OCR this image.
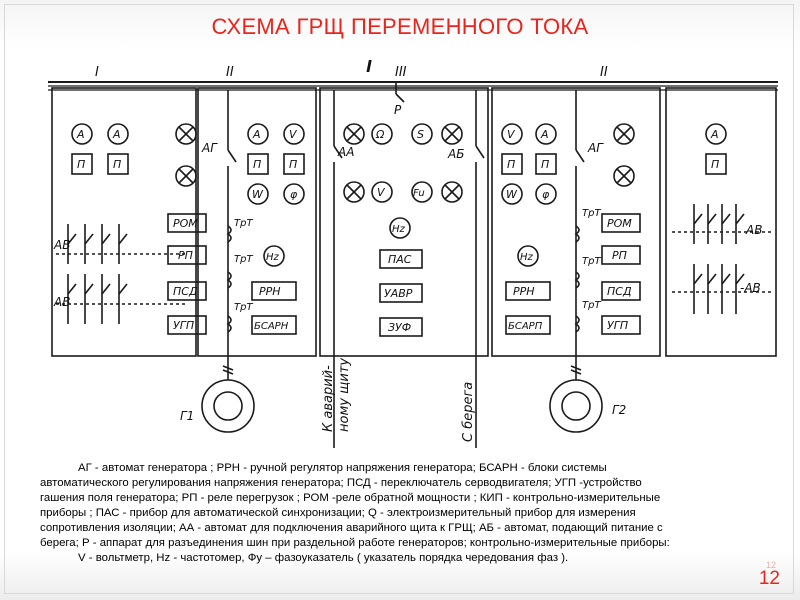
СХЕМА ГРЩ ПЕРЕМЕННОГО ТОКА
I	II	III	II
l
P
A	A
П	П
АВ
АВ
A	V
П	П
W φ
АГ
ТрТ
ТрТ
ТрТ
РОМ
РП
ПСД
УГП
РРН
БСАРН
Hz
Ω	S
V	Fu
Hz
ПАС
УАВР
ЗУФ
АА	АБ
К аварий- ному щиту	С берега
V A
П П
W φ
Hz
АГ
ТрТ
ТрТ
ТрТ
РРН
БСАРП
РОМ
РП
ПСД
УГП
A
П
АВ
-АВ
Г1	Г2

АГ - автомат генератора ; РРН - ручной регулятор напряжения генератора; БСАРН - блоки системы

автоматического регулирования напряжения генератора; ПСД - переключатель серводвигателя; УГП -устройство

гашения поля генератора; РП - реле перегрузок ; РОМ -реле обратной мощности ; КИП - контрольно-измерительные

приборы ; ПАС - прибор для автоматической синхронизации; Q - электроизмерительный прибор для измерения

сопротивления изоляции; АА - автомат для подключения аварийного щита к ГРЩ; АБ - автомат, подающий питание с

берега; Р - аппарат для разъединения шин при раздельной работе генераторов; контрольно-измерительные приборы:

V - вольтметр, Hz - частотомер, Фу – фазоуказатель ( указатель порядка чередования фаз ).

12
12
